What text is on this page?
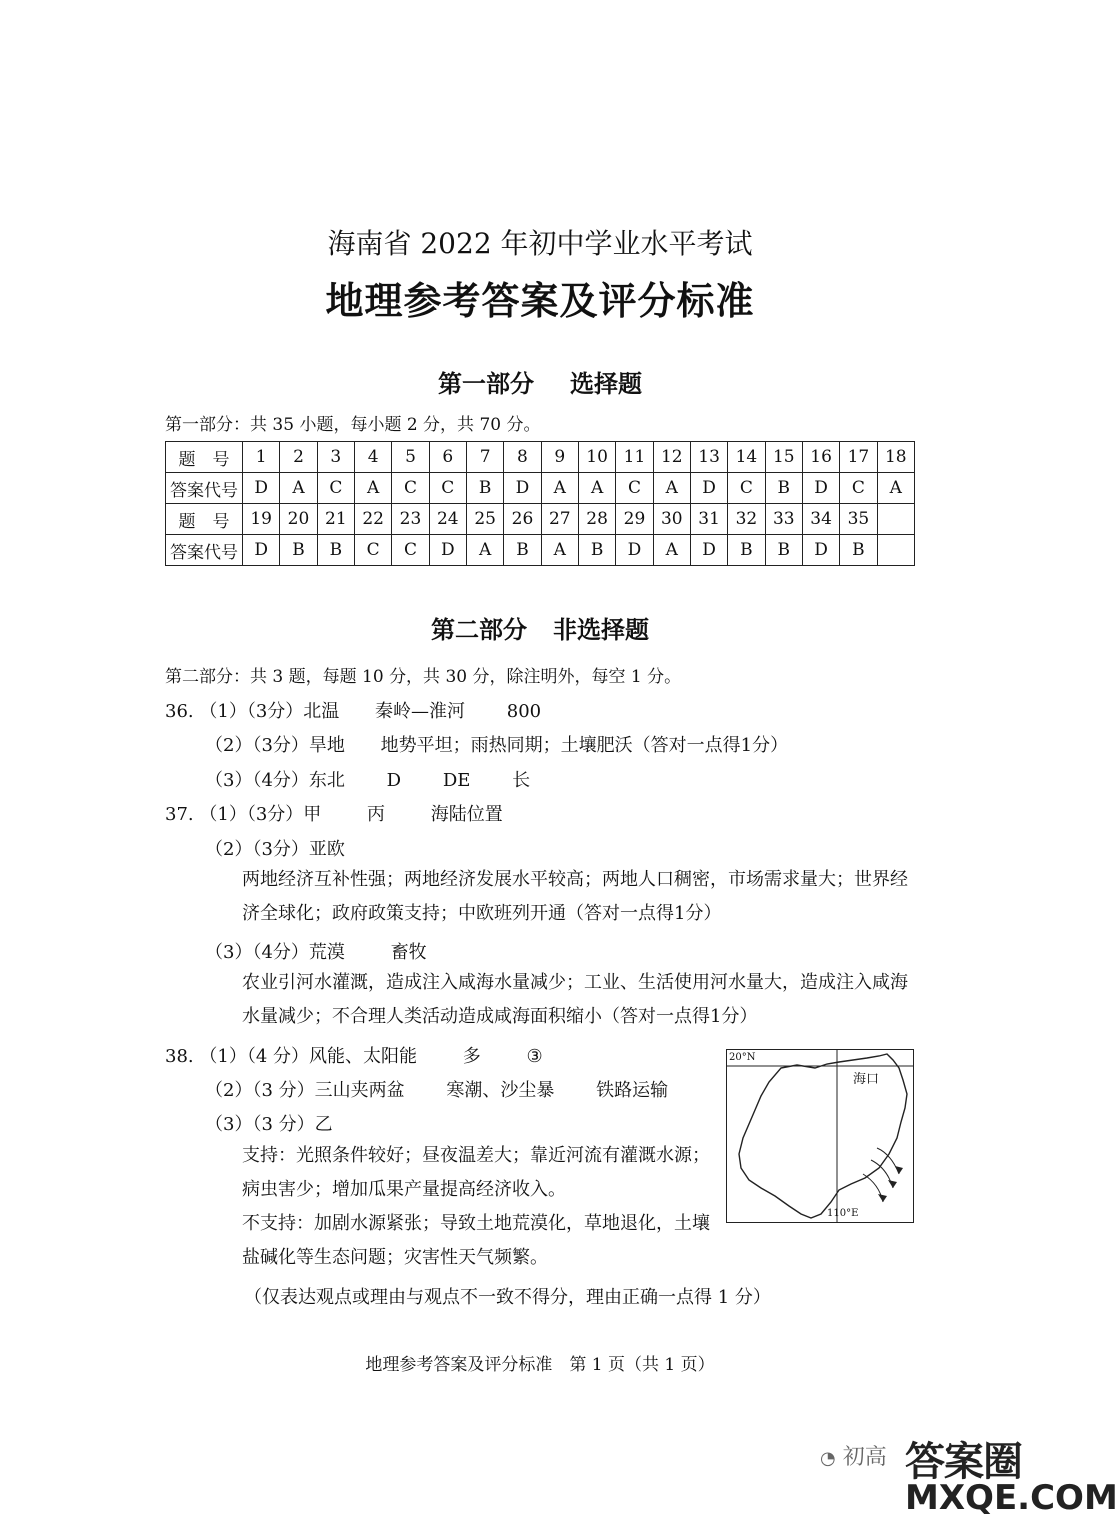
海南省 2022 年初中学业水平考试
地理参考答案及评分标准
第一部分 选择题
第一部分：共 35 小题，每小题 2 分，共 70 分。
题　号	1	2	3	4	5	6	7	8	9	10	11	12	13	14	15	16	17	18
答案代号	D	A	C	A	C	C	B	D	A	A	C	A	D	C	B	D	C	A
题　号	19	20	21	22	23	24	25	26	27	28	29	30	31	32	33	34	35	
答案代号	D	B	B	C	C	D	A	B	A	B	D	A	D	B	B	D	B	
第二部分 非选择题
第二部分：共 3 题，每题 10 分，共 30 分，除注明外，每空 1 分。
36. （1）（3分）北温 秦岭—淮河 800
（2）（3分）旱地 地势平坦；雨热同期；土壤肥沃（答对一点得1分）
（3）（4分）东北 D DE 长
37. （1）（3分）甲	丙	海陆位置
（2）（3分）亚欧
两地经济互补性强；两地经济发展水平较高；两地人口稠密，市场需求量大；世界经济全球化；政府政策支持；中欧班列开通（答对一点得1分）
（3）（4分）荒漠	畜牧
农业引河水灌溉，造成注入咸海水量减少；工业、生活使用河水量大，造成注入咸海水量减少；不合理人类活动造成咸海面积缩小（答对一点得1分）
38. （1）（4 分）风能、太阳能	多	③
（2）（3 分）三山夹两盆 寒潮、沙尘暴 铁路运输
（3）（3 分）乙
支持：光照条件较好；昼夜温差大；靠近河流有灌溉水源；病虫害少；增加瓜果产量提高经济收入。
不支持：加剧水源紧张；导致土地荒漠化，草地退化，土壤盐碱化等生态问题；灾害性天气频繁。
（仅表达观点或理由与观点不一致不得分，理由正确一点得 1 分）
20°N
海口
110°E
地理参考答案及评分标准　第 1 页（共 1 页）
◔ 初高 答案圈
MXQE.COM
